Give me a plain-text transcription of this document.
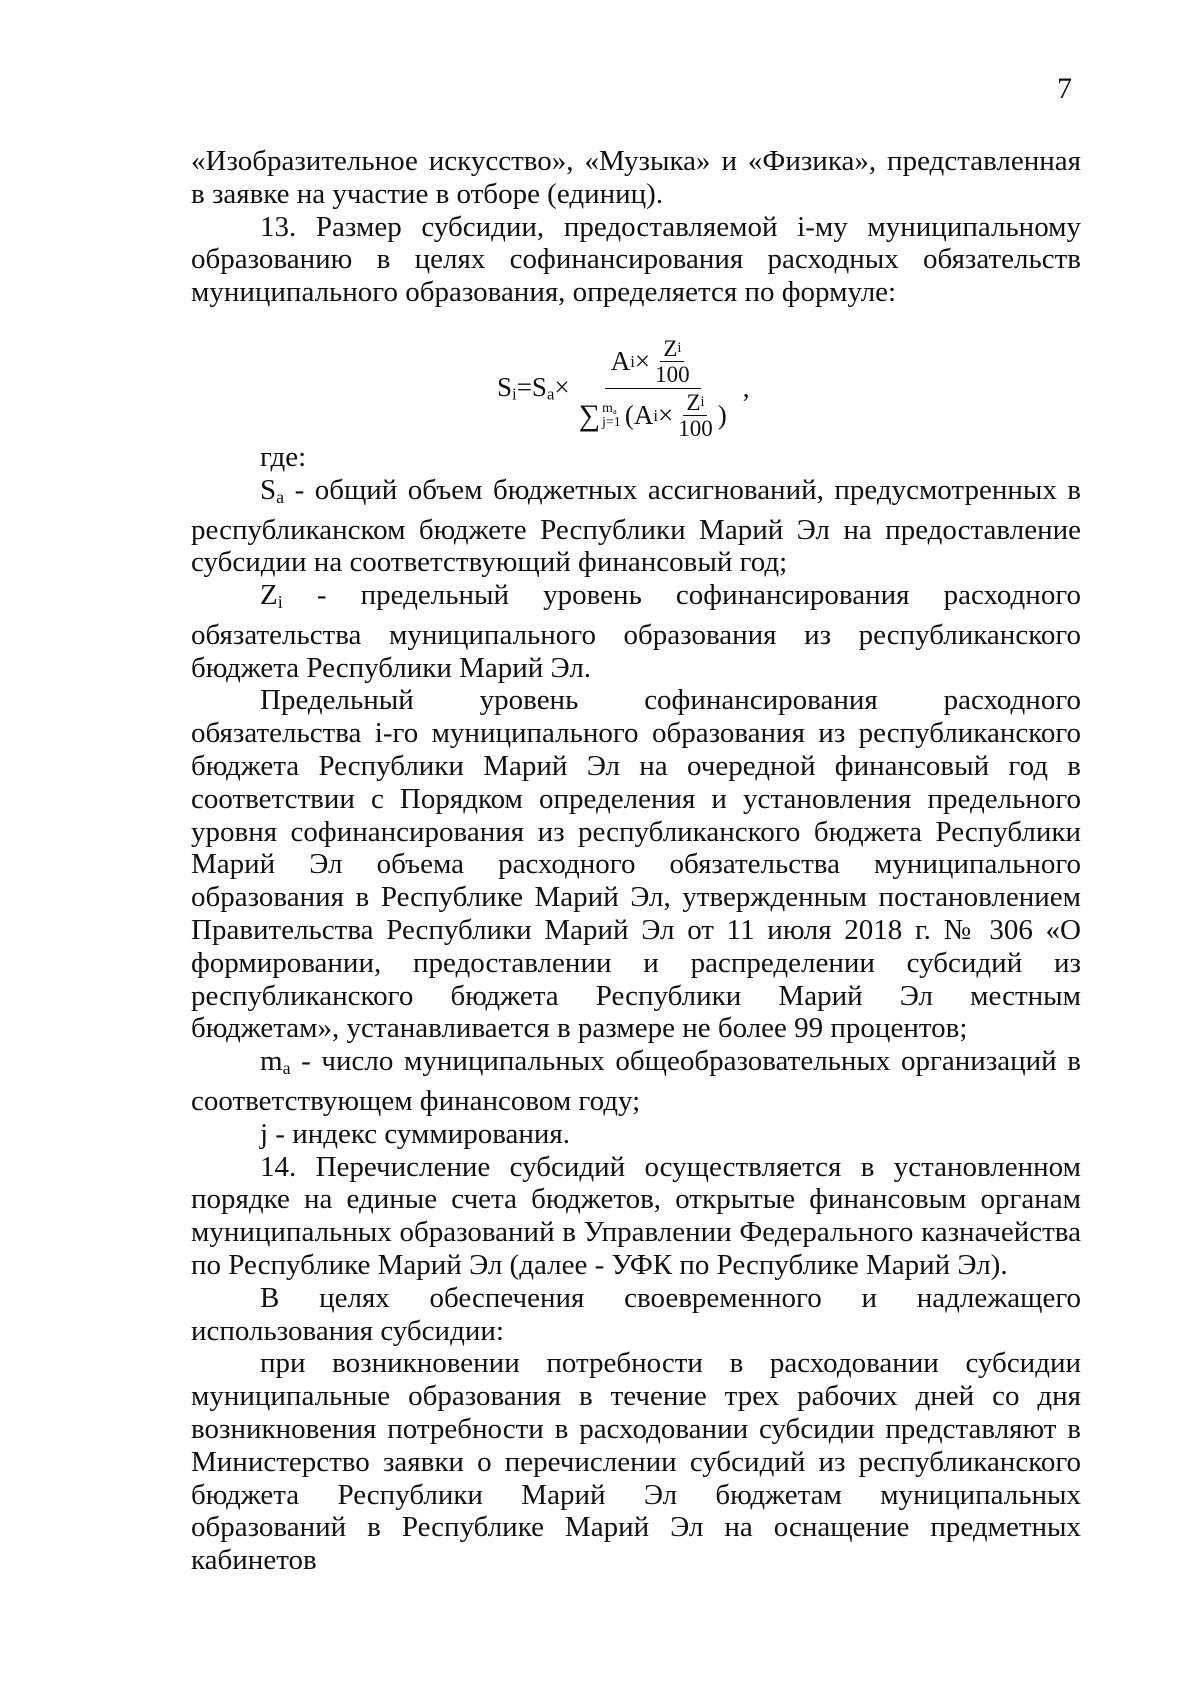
7

«Изобразительное искусство», «Музыка» и «Физика», представленная в заявке на участие в отборе (единиц).

13. Размер субсидии, предоставляемой i-му муниципальному образованию в целях софинансирования расходных обязательств муниципального образования, определяется по формуле:

где:

$S_a$ - общий объем бюджетных ассигнований, предусмотренных в республиканском бюджете Республики Марий Эл на предоставление субсидии на соответствующий финансовый год;

$Z_i$ - предельный уровень софинансирования расходного обязательства муниципального образования из республиканского бюджета Республики Марий Эл.

Предельный уровень софинансирования расходного обязательства i-го муниципального образования из республиканского бюджета Республики Марий Эл на очередной финансовый год в соответствии с Порядком определения и установления предельного уровня софинансирования из республиканского бюджета Республики Марий Эл объема расходного обязательства муниципального образования в Республике Марий Эл, утвержденным постановлением Правительства Республики Марий Эл от 11 июля 2018 г. № 306 «О формировании, предоставлении и распределении субсидий из республиканского бюджета Республики Марий Эл местным бюджетам», устанавливается в размере не более 99 процентов;

$m_a$ - число муниципальных общеобразовательных организаций в соответствующем финансовом году;

j - индекс суммирования.

14. Перечисление субсидий осуществляется в установленном порядке на единые счета бюджетов, открытые финансовым органам муниципальных образований в Управлении Федерального казначейства по Республике Марий Эл (далее - УФК по Республике Марий Эл).

В целях обеспечения своевременного и надлежащего использования субсидии:

при возникновении потребности в расходовании субсидии муниципальные образования в течение трех рабочих дней со дня возникновения потребности в расходовании субсидии представляют в Министерство заявки о перечислении субсидий из республиканского бюджета Республики Марий Эл бюджетам муниципальных образований в Республике Марий Эл на оснащение предметных кабинетов

$S_i=S_a\times$
A $i \times \frac{\text{Z i}}{100}$
∑ $m_a$
j=1 ( A $i \times \frac{\text{Z i}}{100}$ )
,
